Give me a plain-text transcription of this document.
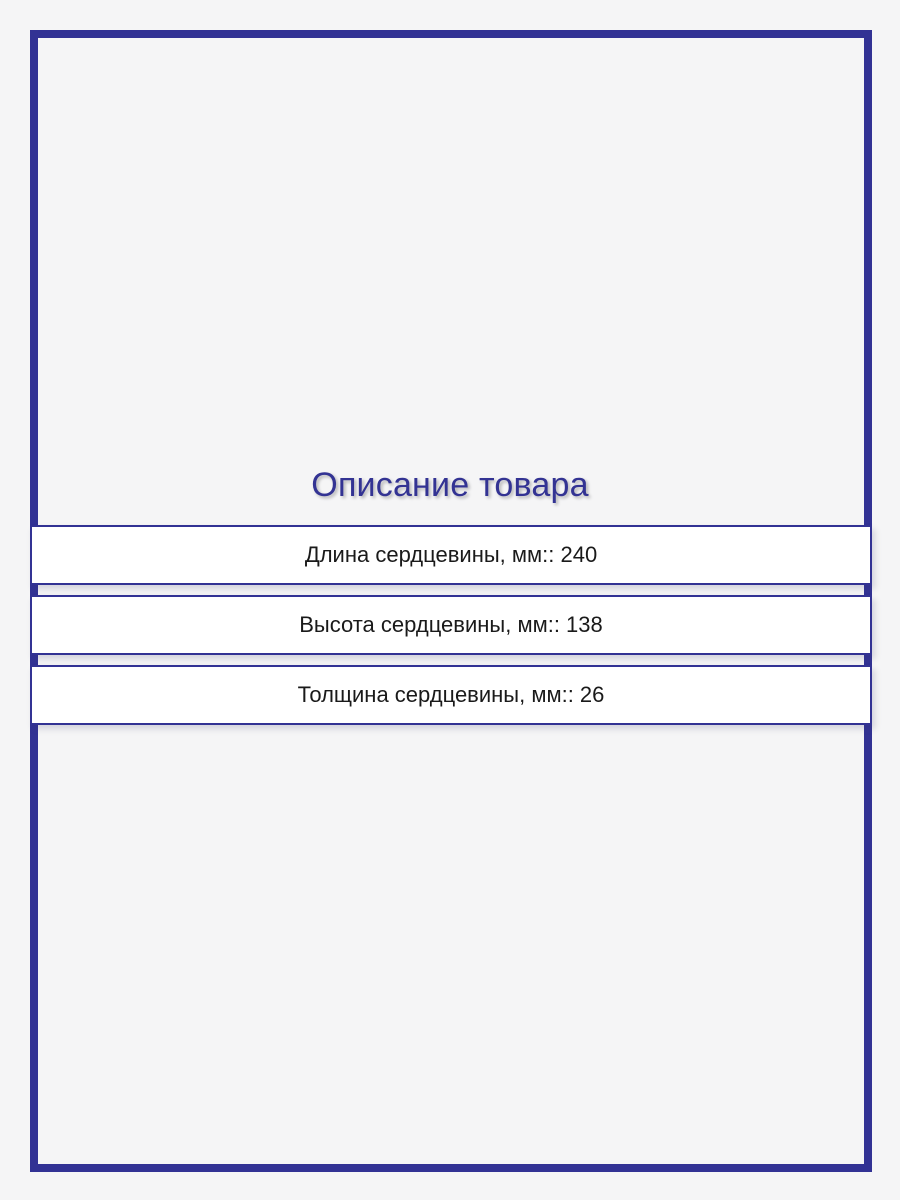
Описание товара
Длина сердцевины, мм:: 240
Высота сердцевины, мм:: 138
Толщина сердцевины, мм:: 26
